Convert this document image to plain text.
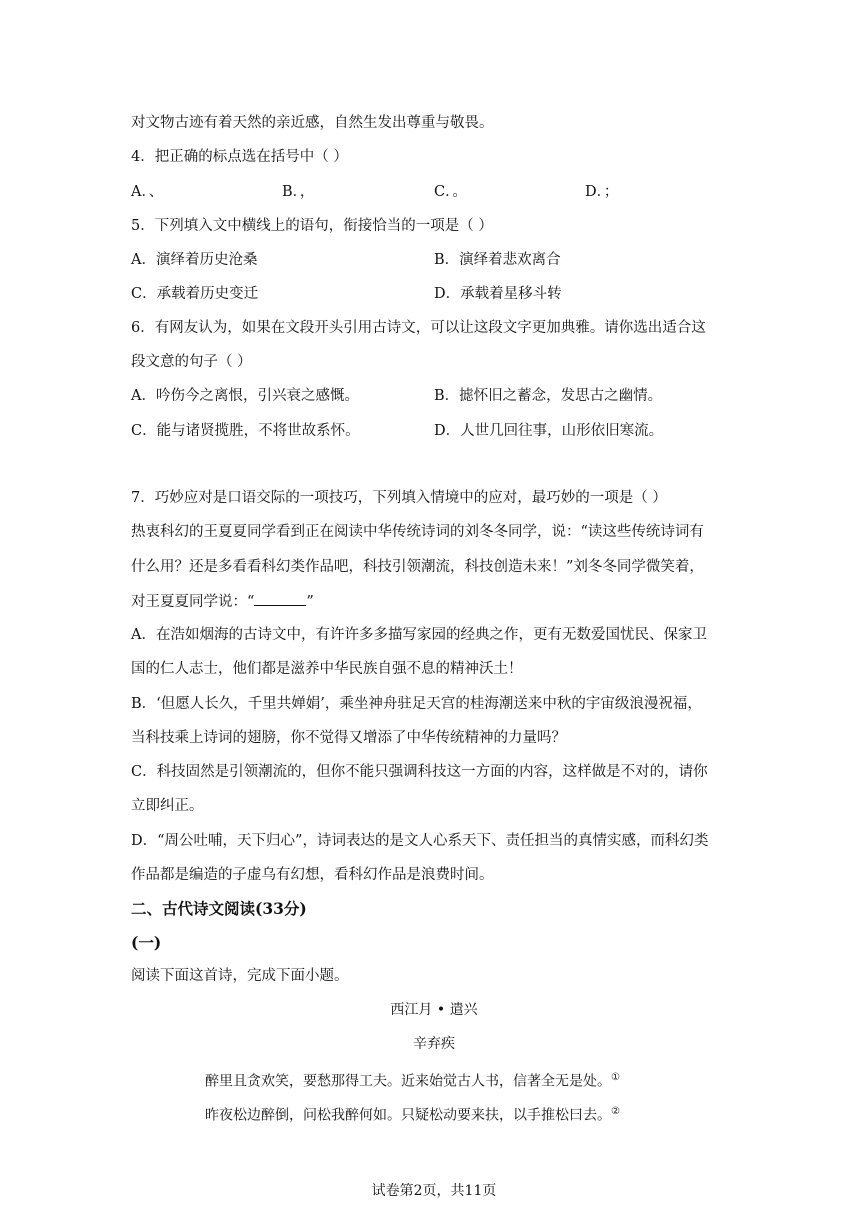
对文物古迹有着天然的亲近感，自然生发出尊重与敬畏。
4．把正确的标点选在括号中（ ）
A．、	B．，	C．。	D．；
5．下列填入文中横线上的语句，衔接恰当的一项是（ ）
A．演绎着历史沧桑	B．演绎着悲欢离合
C．承载着历史变迁	D．承载着星移斗转
6．有网友认为，如果在文段开头引用古诗文，可以让这段文字更加典雅。请你选出适合这
段文意的句子（ ）
A．吟伤今之离恨，引兴衰之感慨。	B．摅怀旧之蓄念，发思古之幽情。
C．能与诸贤揽胜，不将世故系怀。	D．人世几回往事，山形依旧寒流。
7．巧妙应对是口语交际的一项技巧，下列填入情境中的应对，最巧妙的一项是（ ）
热衷科幻的王夏夏同学看到正在阅读中华传统诗词的刘冬冬同学，说：“读这些传统诗词有
什么用？还是多看看科幻类作品吧，科技引领潮流，科技创造未来！”刘冬冬同学微笑着，
对王夏夏同学说：“	”
A．在浩如烟海的古诗文中，有许许多多描写家园的经典之作，更有无数爱国忧民、保家卫
国的仁人志士，他们都是滋养中华民族自强不息的精神沃土！
B．‘但愿人长久，千里共婵娟’，乘坐神舟驻足天宫的桂海潮送来中秋的宇宙级浪漫祝福，
当科技乘上诗词的翅膀，你不觉得又增添了中华传统精神的力量吗？
C．科技固然是引领潮流的，但你不能只强调科技这一方面的内容，这样做是不对的，请你
立即纠正。
D．“周公吐哺，天下归心”，诗词表达的是文人心系天下、责任担当的真情实感，而科幻类
作品都是编造的子虚乌有幻想，看科幻作品是浪费时间。
二、古代诗文阅读(33分)
(一)
阅读下面这首诗，完成下面小题。
西江月 • 遣兴
辛弃疾
醉里且贪欢笑，要愁那得工夫。近来始觉古人书，信著全无是处。①
昨夜松边醉倒，问松我醉何如。只疑松动要来扶，以手推松曰去。②
试卷第2页，共11页
